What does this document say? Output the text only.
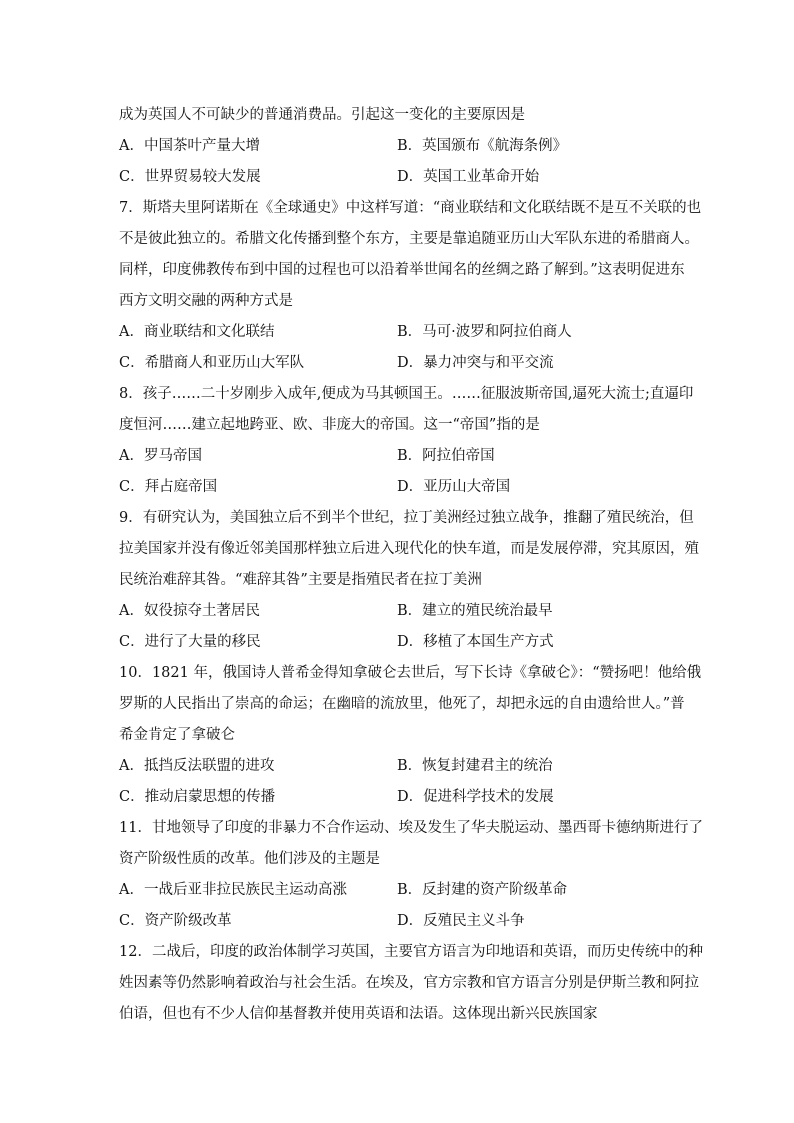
成为英国人不可缺少的普通消费品。引起这一变化的主要原因是
A．中国茶叶产量大增	B．英国颁布《航海条例》
C．世界贸易较大发展	D．英国工业革命开始
7．斯塔夫里阿诺斯在《全球通史》中这样写道：“商业联结和文化联结既不是互不关联的也
不是彼此独立的。希腊文化传播到整个东方，主要是靠追随亚历山大军队东进的希腊商人。
同样，印度佛教传布到中国的过程也可以沿着举世闻名的丝绸之路了解到。”这表明促进东
西方文明交融的两种方式是
A．商业联结和文化联结	B．马可·波罗和阿拉伯商人
C．希腊商人和亚历山大军队	D．暴力冲突与和平交流
8．孩子……二十岁刚步入成年,便成为马其顿国王。……征服波斯帝国,逼死大流士;直逼印
度恒河……建立起地跨亚、欧、非庞大的帝国。这一“帝国”指的是
A．罗马帝国	B．阿拉伯帝国
C．拜占庭帝国	D．亚历山大帝国
9．有研究认为，美国独立后不到半个世纪，拉丁美洲经过独立战争，推翻了殖民统治，但
拉美国家并没有像近邻美国那样独立后进入现代化的快车道，而是发展停滞，究其原因，殖
民统治难辞其咎。“难辞其咎”主要是指殖民者在拉丁美洲
A．奴役掠夺土著居民	B．建立的殖民统治最早
C．进行了大量的移民	D．移植了本国生产方式
10．1821 年，俄国诗人普希金得知拿破仑去世后，写下长诗《拿破仑》：“赞扬吧！他给俄
罗斯的人民指出了崇高的命运；在幽暗的流放里，他死了，却把永远的自由遗给世人。”普
希金肯定了拿破仑
A．抵挡反法联盟的进攻	B．恢复封建君主的统治
C．推动启蒙思想的传播	D．促进科学技术的发展
11．甘地领导了印度的非暴力不合作运动、埃及发生了华夫脱运动、墨西哥卡德纳斯进行了
资产阶级性质的改革。他们涉及的主题是
A．一战后亚非拉民族民主运动高涨	B．反封建的资产阶级革命
C．资产阶级改革	D．反殖民主义斗争
12．二战后，印度的政治体制学习英国，主要官方语言为印地语和英语，而历史传统中的种
姓因素等仍然影响着政治与社会生活。在埃及，官方宗教和官方语言分别是伊斯兰教和阿拉
伯语，但也有不少人信仰基督教并使用英语和法语。这体现出新兴民族国家
